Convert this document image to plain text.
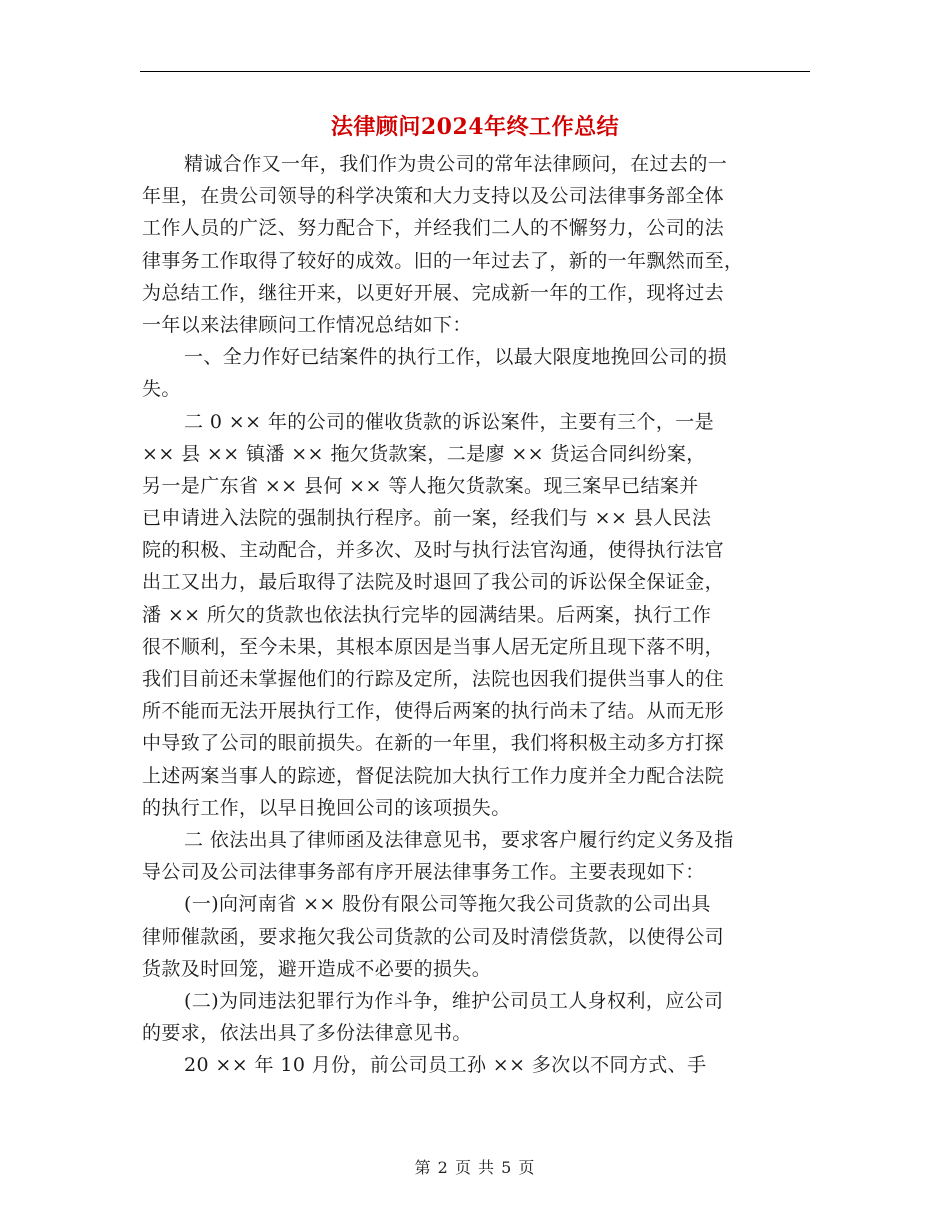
法律顾问2024年终工作总结
精诚合作又一年，我们作为贵公司的常年法律顾问，在过去的一
年里，在贵公司领导的科学决策和大力支持以及公司法律事务部全体
工作人员的广泛、努力配合下，并经我们二人的不懈努力，公司的法
律事务工作取得了较好的成效。旧的一年过去了，新的一年飘然而至，
为总结工作，继往开来，以更好开展、完成新一年的工作，现将过去
一年以来法律顾问工作情况总结如下：
一、全力作好已结案件的执行工作，以最大限度地挽回公司的损
失。
二 0 ×× 年的公司的催收货款的诉讼案件，主要有三个，一是
×× 县 ×× 镇潘 ×× 拖欠货款案，二是廖 ×× 货运合同纠纷案，
另一是广东省 ×× 县何 ×× 等人拖欠货款案。现三案早已结案并
已申请进入法院的强制执行程序。前一案，经我们与 ×× 县人民法
院的积极、主动配合，并多次、及时与执行法官沟通，使得执行法官
出工又出力，最后取得了法院及时退回了我公司的诉讼保全保证金，
潘 ×× 所欠的货款也依法执行完毕的园满结果。后两案，执行工作
很不顺利，至今未果，其根本原因是当事人居无定所且现下落不明，
我们目前还未掌握他们的行踪及定所，法院也因我们提供当事人的住
所不能而无法开展执行工作，使得后两案的执行尚未了结。从而无形
中导致了公司的眼前损失。在新的一年里，我们将积极主动多方打探
上述两案当事人的踪迹，督促法院加大执行工作力度并全力配合法院
的执行工作，以早日挽回公司的该项损失。
二 依法出具了律师函及法律意见书，要求客户履行约定义务及指
导公司及公司法律事务部有序开展法律事务工作。主要表现如下：
(一)向河南省 ×× 股份有限公司等拖欠我公司货款的公司出具
律师催款函，要求拖欠我公司货款的公司及时清偿货款，以使得公司
货款及时回笼，避开造成不必要的损失。
(二)为同违法犯罪行为作斗争，维护公司员工人身权利，应公司
的要求，依法出具了多份法律意见书。
20 ×× 年 10 月份，前公司员工孙 ×× 多次以不同方式、手
第 2 页 共 5 页
